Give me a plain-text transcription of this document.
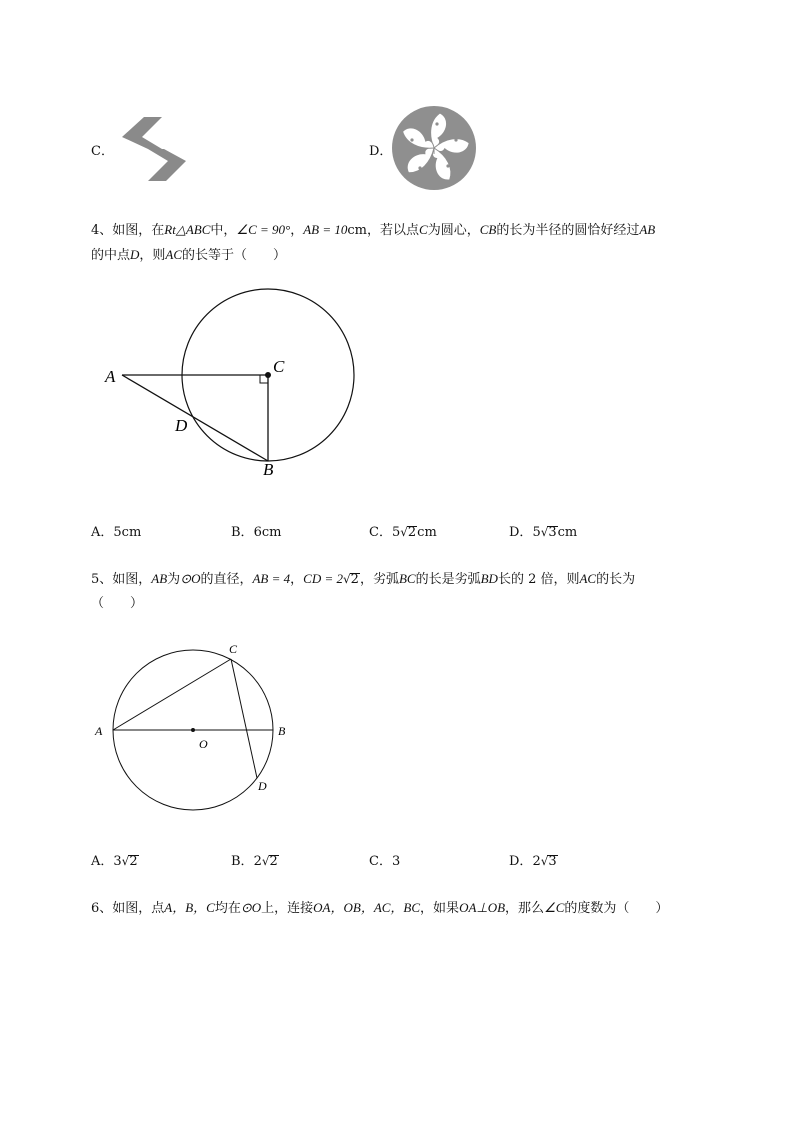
C．	D．
4、如图，在Rt△ABC中，∠C = 90°，AB = 10cm，若以点C为圆心，CB的长为半径的圆恰好经过AB
的中点D，则AC的长等于（　　）
A
C
D
B
A．5cm	B．6cm	C．5√2cm	D．5√3cm
5、如图，AB为⊙O的直径，AB = 4，CD = 2√2，劣弧BC的长是劣弧BD长的 2 倍，则AC的长为
（　　）
A	B
C
D
O
A．3√2	B．2√2	C．3	D．2√3
6、如图，点A，B，C均在⊙O上，连接OA，OB，AC，BC，如果OA⊥OB，那么∠C的度数为（　　）
